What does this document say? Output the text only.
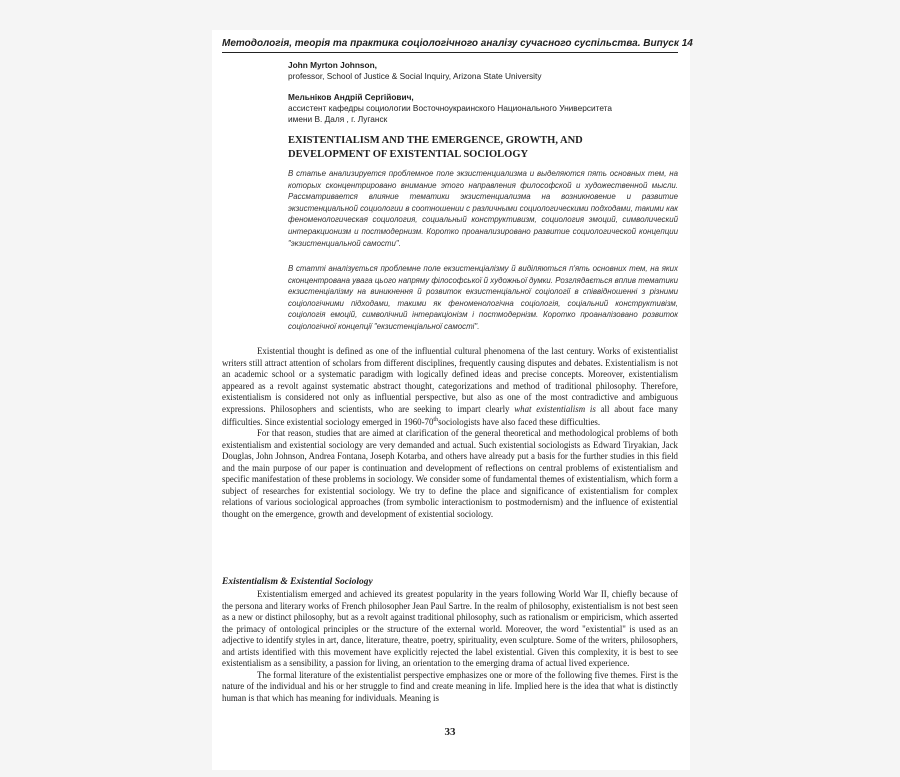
Методологія, теорія та практика соціологічного аналізу сучасного суспільства. Випуск 14
John Myrton Johnson,
professor, School of Justice & Social Inquiry, Arizona State University
Мельніков Андрій Сергійович,
ассистент кафедры социологии Восточноукраинского Национального Университета
имени В. Даля , г. Луганск
EXISTENTIALISM AND THE EMERGENCE, GROWTH, AND
DEVELOPMENT OF EXISTENTIAL SOCIOLOGY
В статье анализируется проблемное поле экзистенциализма и выделяются пять основных тем, на которых сконцентрировано внимание этого направления философской и художественной мысли. Рассматривается влияние тематики экзистенциализма на возникновение и развитие экзистенциальной социологии в соотношении с различными социологическими подходами, такими как феноменологическая социология, социальный конструктивизм, социология эмоций, символический интеракционизм и постмодернизм. Коротко проанализировано развитие социологической концепции "экзистенциальной самости".
В статті аналізується проблемне поле екзистенціалізму й виділяються п'ять основних тем, на яких сконцентрована увага цього напряму філософської й художньої думки. Розглядається вплив тематики екзистенціалізму на виникнення й розвиток екзистенціальної соціології в співвідношенні з різними соціологічними підходами, такими як феноменологічна соціологія, соціальний конструктивізм, соціологія емоцій, символічний інтеракціонізм і постмодернізм. Коротко проаналізовано розвиток соціологічної концепції "екзистенціальної самості".

Existential thought is defined as one of the influential cultural phenomena of the last century. Works of existentialist writers still attract attention of scholars from different disciplines, frequently causing disputes and debates. Existentialism is not an academic school or a systematic paradigm with logically defined ideas and precise concepts. Moreover, existentialism appeared as a revolt against systematic abstract thought, categorizations and method of traditional philosophy. Therefore, existentialism is considered not only as influential perspective, but also as one of the most contradictive and ambiguous expressions. Philosophers and scientists, who are seeking to impart clearly what existentialism is all about face many difficulties. Since existential sociology emerged in 1960-70thsociologists have also faced these difficulties.

For that reason, studies that are aimed at clarification of the general theoretical and methodological problems of both existentialism and existential sociology are very demanded and actual. Such existential sociologists as Edward Tiryakian, Jack Douglas, John Johnson, Andrea Fontana, Joseph Kotarba, and others have already put a basis for the further studies in this field and the main purpose of our paper is continuation and development of reflections on central problems of existentialism and specific manifestation of these problems in sociology. We consider some of fundamental themes of existentialism, which form a subject of researches for existential sociology. We try to define the place and significance of existentialism for complex relations of various sociological approaches (from symbolic interactionism to postmodernism) and the influence of existential thought on the emergence, growth and development of existential sociology.

Existentialism & Existential Sociology

Existentialism emerged and achieved its greatest popularity in the years following World War II, chiefly because of the persona and literary works of French philosopher Jean Paul Sartre. In the realm of philosophy, existentialism is not best seen as a new or distinct philosophy, but as a revolt against traditional philosophy, such as rationalism or empiricism, which asserted the primacy of ontological principles or the structure of the external world. Moreover, the word "existential" is used as an adjective to identify styles in art, dance, literature, theatre, poetry, spirituality, even sculpture. Some of the writers, philosophers, and artists identified with this movement have explicitly rejected the label existential. Given this complexity, it is best to see existentialism as a sensibility, a passion for living, an orientation to the emerging drama of actual lived experience.

The formal literature of the existentialist perspective emphasizes one or more of the following five themes. First is the nature of the individual and his or her struggle to find and create meaning in life. Implied here is the idea that what is distinctly human is that which has meaning for individuals. Meaning is

33
